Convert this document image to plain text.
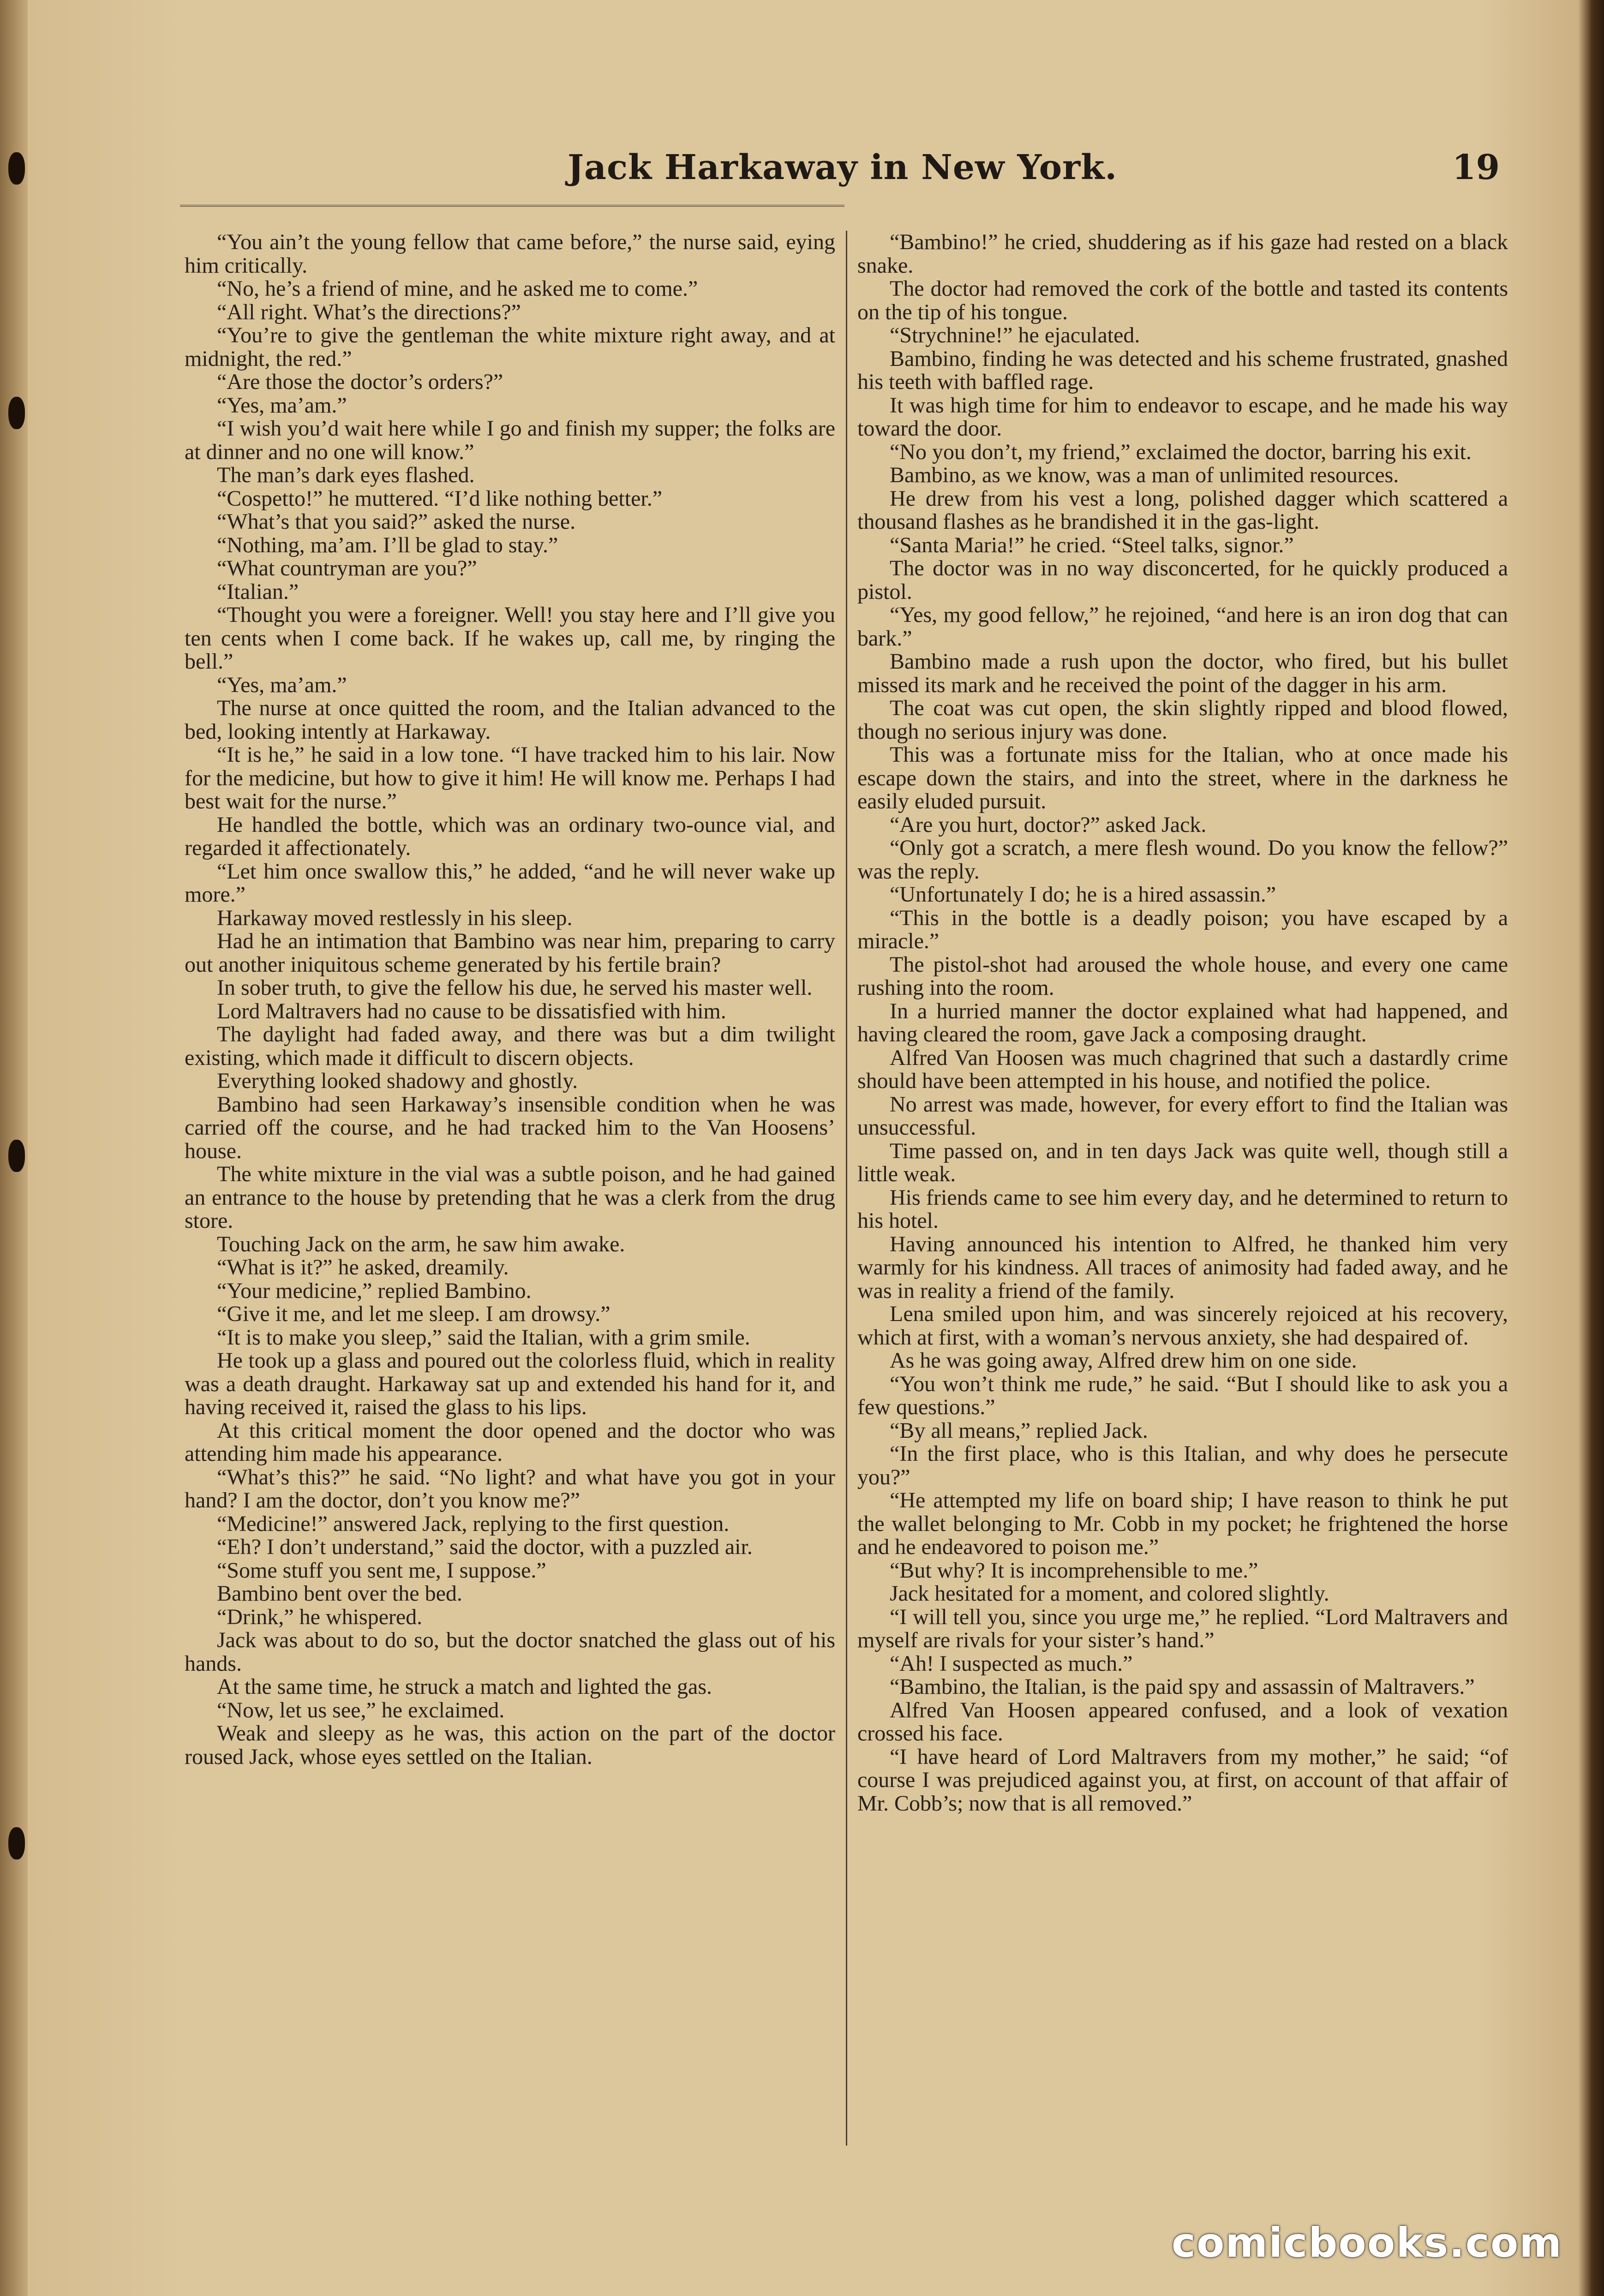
Jack Harkaway in New York.	19

“You ain’t the young fellow that came before,” the nurse said, eying him critically.

“No, he’s a friend of mine, and he asked me to come.”

“All right. What’s the directions?”

“You’re to give the gentleman the white mixture right away, and at midnight, the red.”

“Are those the doctor’s orders?”

“Yes, ma’am.”

“I wish you’d wait here while I go and finish my supper; the folks are at dinner and no one will know.”

The man’s dark eyes flashed.

“Cospetto!” he muttered. “I’d like nothing better.”

“What’s that you said?” asked the nurse.

“Nothing, ma’am. I’ll be glad to stay.”

“What countryman are you?”

“Italian.”

“Thought you were a foreigner. Well! you stay here and I’ll give you ten cents when I come back. If he wakes up, call me, by ringing the bell.”

“Yes, ma’am.”

The nurse at once quitted the room, and the Italian advanced to the bed, looking intently at Harkaway.

“It is he,” he said in a low tone. “I have tracked him to his lair. Now for the medicine, but how to give it him! He will know me. Perhaps I had best wait for the nurse.”

He handled the bottle, which was an ordinary two-ounce vial, and regarded it affectionately.

“Let him once swallow this,” he added, “and he will never wake up more.”

Harkaway moved restlessly in his sleep.

Had he an intimation that Bambino was near him, preparing to carry out another iniquitous scheme generated by his fertile brain?

In sober truth, to give the fellow his due, he served his master well.

Lord Maltravers had no cause to be dissatisfied with him.

The daylight had faded away, and there was but a dim twilight existing, which made it difficult to discern objects.

Everything looked shadowy and ghostly.

Bambino had seen Harkaway’s insensible condition when he was carried off the course, and he had tracked him to the Van Hoosens’ house.

The white mixture in the vial was a subtle poison, and he had gained an entrance to the house by pretending that he was a clerk from the drug store.

Touching Jack on the arm, he saw him awake.

“What is it?” he asked, dreamily.

“Your medicine,” replied Bambino.

“Give it me, and let me sleep. I am drowsy.”

“It is to make you sleep,” said the Italian, with a grim smile.

He took up a glass and poured out the colorless fluid, which in reality was a death draught. Harkaway sat up and extended his hand for it, and having received it, raised the glass to his lips.

At this critical moment the door opened and the doctor who was attending him made his appearance.

“What’s this?” he said. “No light? and what have you got in your hand? I am the doctor, don’t you know me?”

“Medicine!” answered Jack, replying to the first question.

“Eh? I don’t understand,” said the doctor, with a puzzled air.

“Some stuff you sent me, I suppose.”

Bambino bent over the bed.

“Drink,” he whispered.

Jack was about to do so, but the doctor snatched the glass out of his hands.

At the same time, he struck a match and lighted the gas.

“Now, let us see,” he exclaimed.

Weak and sleepy as he was, this action on the part of the doctor roused Jack, whose eyes settled on the Italian.

“Bambino!” he cried, shuddering as if his gaze had rested on a black snake.

The doctor had removed the cork of the bottle and tasted its contents on the tip of his tongue.

“Strychnine!” he ejaculated.

Bambino, finding he was detected and his scheme frustrated, gnashed his teeth with baffled rage.

It was high time for him to endeavor to escape, and he made his way toward the door.

“No you don’t, my friend,” exclaimed the doctor, barring his exit.

Bambino, as we know, was a man of unlimited resources.

He drew from his vest a long, polished dagger which scattered a thousand flashes as he brandished it in the gas-light.

“Santa Maria!” he cried. “Steel talks, signor.”

The doctor was in no way disconcerted, for he quickly produced a pistol.

“Yes, my good fellow,” he rejoined, “and here is an iron dog that can bark.”

Bambino made a rush upon the doctor, who fired, but his bullet missed its mark and he received the point of the dagger in his arm.

The coat was cut open, the skin slightly ripped and blood flowed, though no serious injury was done.

This was a fortunate miss for the Italian, who at once made his escape down the stairs, and into the street, where in the darkness he easily eluded pursuit.

“Are you hurt, doctor?” asked Jack.

“Only got a scratch, a mere flesh wound. Do you know the fellow?” was the reply.

“Unfortunately I do; he is a hired assassin.”

“This in the bottle is a deadly poison; you have escaped by a miracle.”

The pistol-shot had aroused the whole house, and every one came rushing into the room.

In a hurried manner the doctor explained what had happened, and having cleared the room, gave Jack a composing draught.

Alfred Van Hoosen was much chagrined that such a dastardly crime should have been attempted in his house, and notified the police.

No arrest was made, however, for every effort to find the Italian was unsuccessful.

Time passed on, and in ten days Jack was quite well, though still a little weak.

His friends came to see him every day, and he determined to return to his hotel.

Having announced his intention to Alfred, he thanked him very warmly for his kindness. All traces of animosity had faded away, and he was in reality a friend of the family.

Lena smiled upon him, and was sincerely rejoiced at his recovery, which at first, with a woman’s nervous anxiety, she had despaired of.

As he was going away, Alfred drew him on one side.

“You won’t think me rude,” he said. “But I should like to ask you a few questions.”

“By all means,” replied Jack.

“In the first place, who is this Italian, and why does he persecute you?”

“He attempted my life on board ship; I have reason to think he put the wallet belonging to Mr. Cobb in my pocket; he frightened the horse and he endeavored to poison me.”

“But why? It is incomprehensible to me.”

Jack hesitated for a moment, and colored slightly.

“I will tell you, since you urge me,” he replied. “Lord Maltravers and myself are rivals for your sister’s hand.”

“Ah! I suspected as much.”

“Bambino, the Italian, is the paid spy and assassin of Maltravers.”

Alfred Van Hoosen appeared confused, and a look of vexation crossed his face.

“I have heard of Lord Maltravers from my mother,” he said; “of course I was prejudiced against you, at first, on account of that affair of Mr. Cobb’s; now that is all removed.”

comicbooks.com
